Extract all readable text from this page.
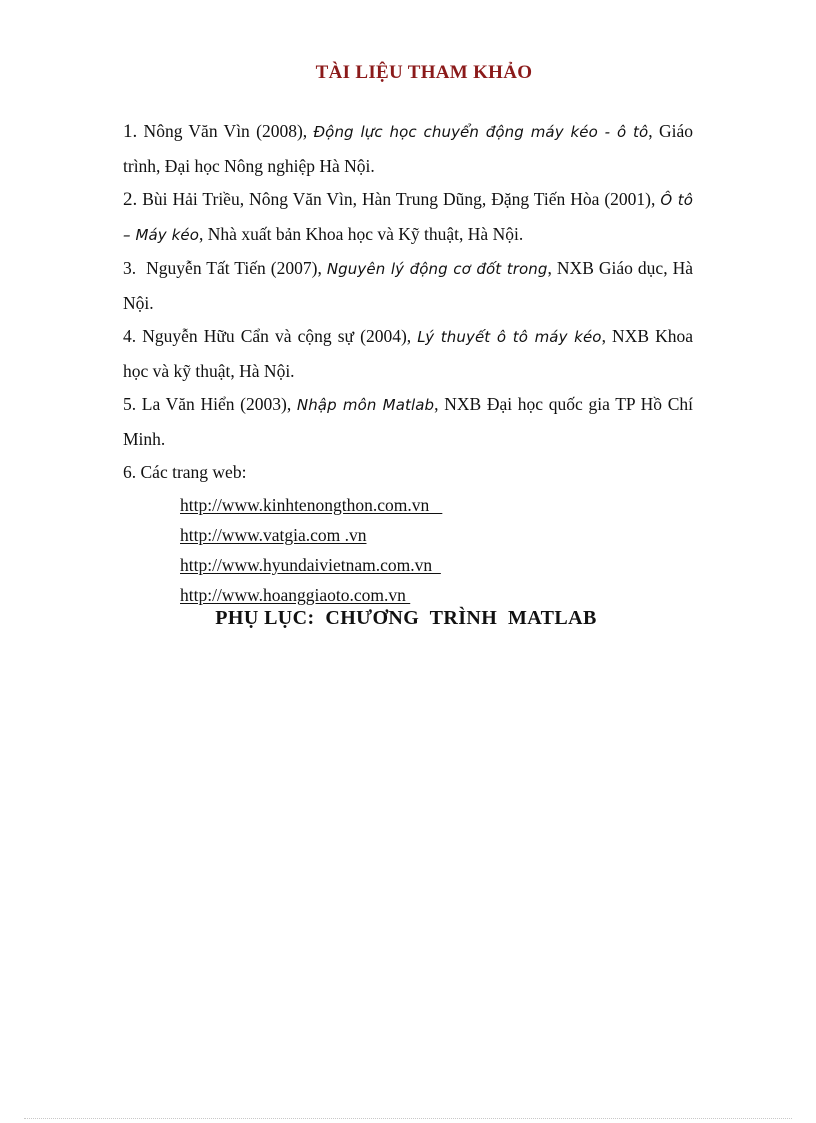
TÀI LIỆU THAM KHẢO
1. Nông Văn Vìn (2008), Động lực học chuyển động máy kéo - ô tô, Giáo trình, Đại học Nông nghiệp Hà Nội.
2. Bùi Hải Triều, Nông Văn Vìn, Hàn Trung Dũng, Đặng Tiến Hòa (2001), Ô tô – Máy kéo, Nhà xuất bản Khoa học và Kỹ thuật, Hà Nội.
3.  Nguyễn Tất Tiến (2007), Nguyên lý động cơ đốt trong, NXB Giáo dục, Hà Nội.
4. Nguyễn Hữu Cẩn và cộng sự (2004), Lý thuyết ô tô máy kéo, NXB Khoa học và kỹ thuật, Hà Nội.
5. La Văn Hiển (2003), Nhập môn Matlab, NXB Đại học quốc gia TP Hồ Chí Minh.
6. Các trang web:
http://www.kinhtenongthon.com.vn
http://www.vatgia.com .vn
http://www.hyundaivietnam.com.vn
http://www.hoanggiaoto.com.vn
PHỤ LỤC:  CHƯƠNG  TRÌNH  MATLAB
